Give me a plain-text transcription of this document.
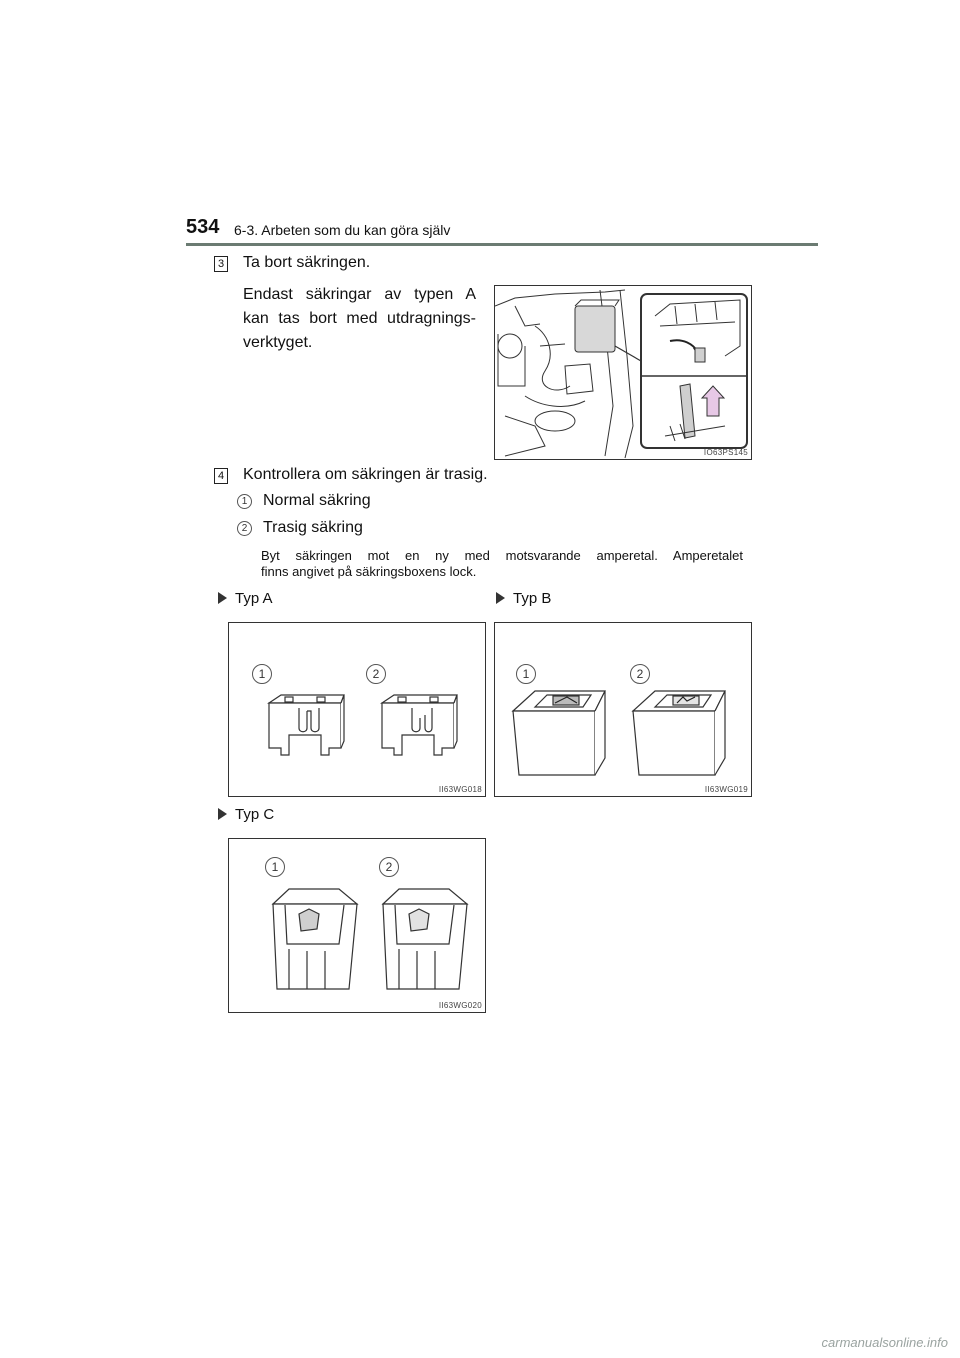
534 6-3. Arbeten som du kan göra själv
3 Ta bort säkringen.
Endast säkringar av typen A
kan tas bort med utdragnings-
verktyget.
IO63PS145
4 Kontrollera om säkringen är trasig.
1 Normal säkring
2 Trasig säkring
Byt säkringen mot en ny med motsvarande amperetal. Amperetalet
finns angivet på säkringsboxens lock.
Typ A	Typ B
1	2
II63WG018
1	2
II63WG019
Typ C
1	2
II63WG020
carmanualsonline.info
